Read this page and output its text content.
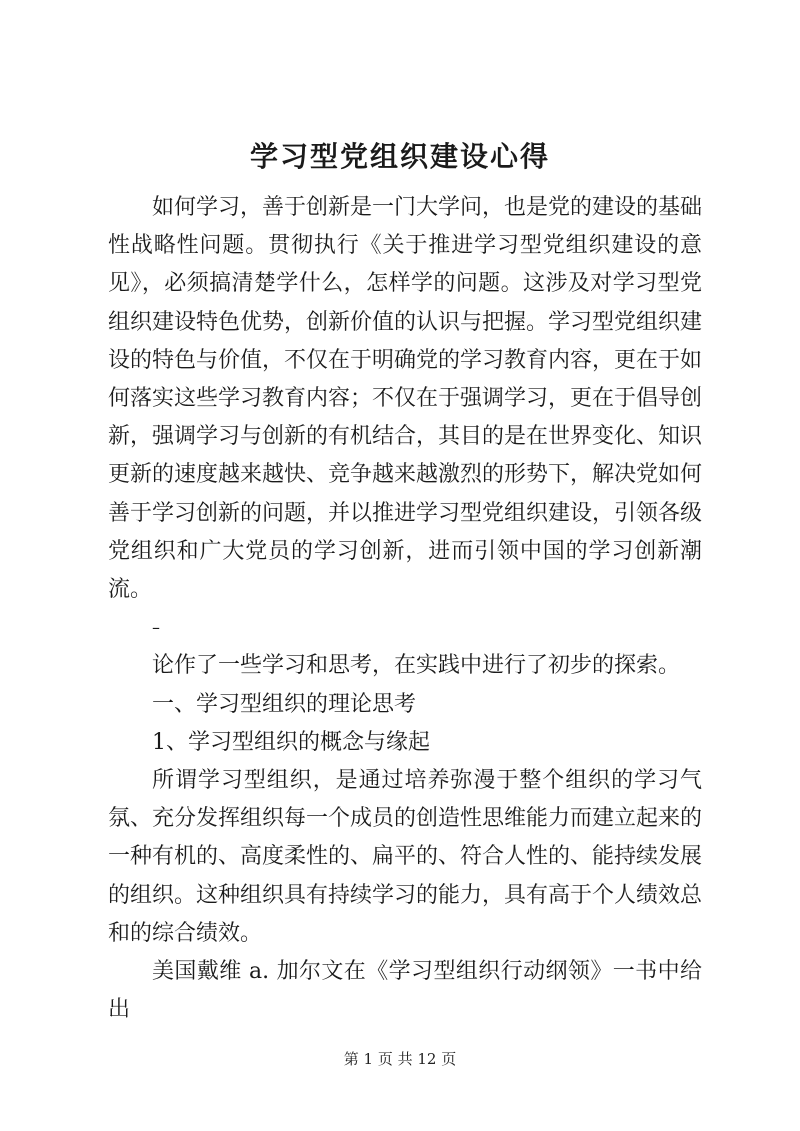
学习型党组织建设心得

如何学习，善于创新是一门大学问，也是党的建设的基础性战略性问题。贯彻执行《关于推进学习型党组织建设的意见》，必须搞清楚学什么，怎样学的问题。这涉及对学习型党组织建设特色优势，创新价值的认识与把握。学习型党组织建设的特色与价值，不仅在于明确党的学习教育内容，更在于如何落实这些学习教育内容；不仅在于强调学习，更在于倡导创新，强调学习与创新的有机结合，其目的是在世界变化、知识更新的速度越来越快、竞争越来越激烈的形势下，解决党如何善于学习创新的问题，并以推进学习型党组织建设，引领各级党组织和广大党员的学习创新，进而引领中国的学习创新潮流。

–

论作了一些学习和思考，在实践中进行了初步的探索。

一、学习型组织的理论思考

1、学习型组织的概念与缘起

所谓学习型组织，是通过培养弥漫于整个组织的学习气氛、充分发挥组织每一个成员的创造性思维能力而建立起来的一种有机的、高度柔性的、扁平的、符合人性的、能持续发展的组织。这种组织具有持续学习的能力，具有高于个人绩效总和的综合绩效。

美国戴维 a. 加尔文在《学习型组织行动纲领》一书中给出

第 1 页 共 12 页
